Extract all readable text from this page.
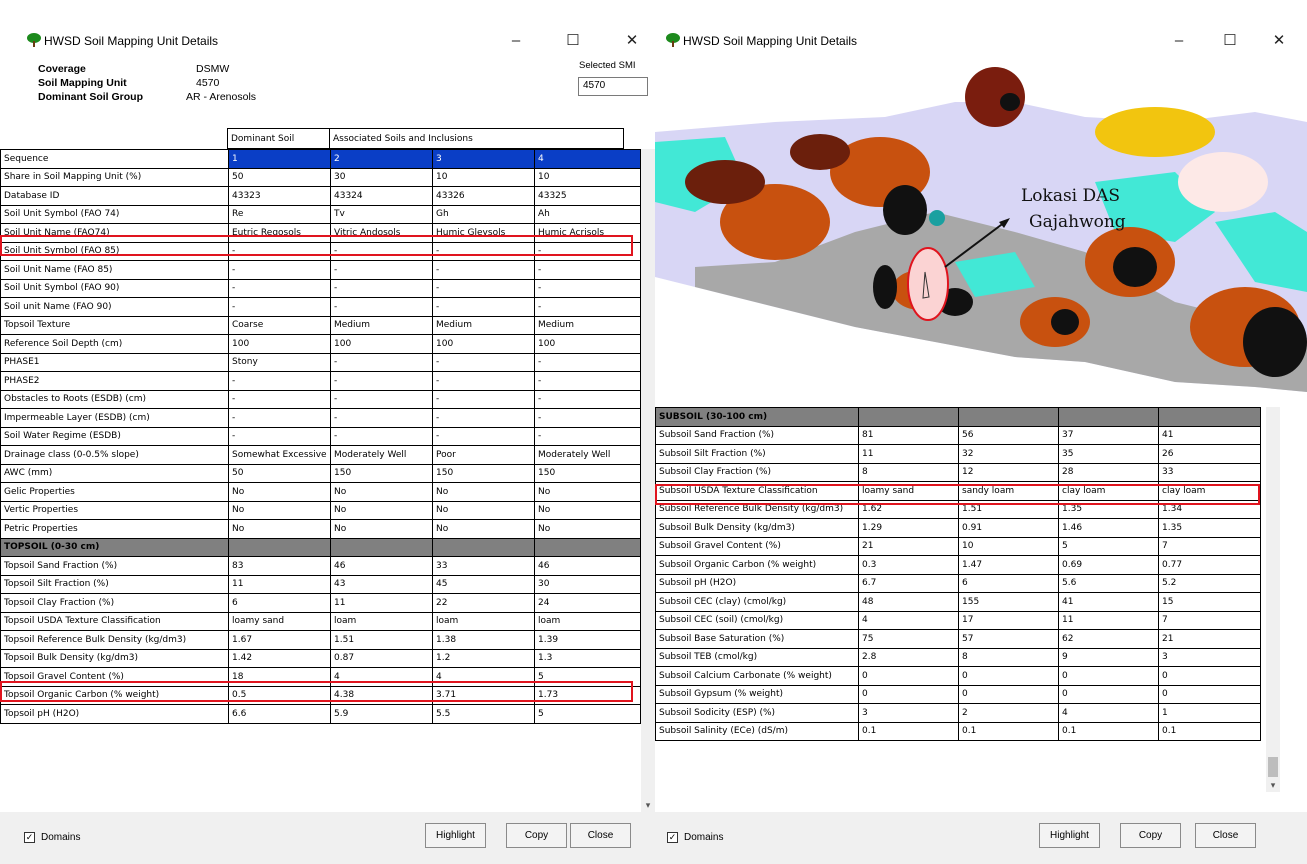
HWSD Soil Mapping Unit Details	–	☐	✕
Coverage	DSMW
Soil Mapping Unit	4570
Dominant Soil Group	AR - Arenosols
Selected SMI
4570
Dominant Soil	Associated Soils and Inclusions
Sequence	1	2	3	4
Share in Soil Mapping Unit (%)	50	30	10	10
Database ID	43323	43324	43326	43325
Soil Unit Symbol (FAO 74)	Re	Tv	Gh	Ah
Soil Unit Name (FAO74)	Eutric Regosols	Vitric Andosols	Humic Gleysols	Humic Acrisols
Soil Unit Symbol (FAO 85)	-	-	-	-
Soil Unit Name (FAO 85)	-	-	-	-
Soil Unit Symbol (FAO 90)	-	-	-	-
Soil unit Name (FAO 90)	-	-	-	-
Topsoil Texture	Coarse	Medium	Medium	Medium
Reference Soil Depth (cm)	100	100	100	100
PHASE1	Stony	-	-	-
PHASE2	-	-	-	-
Obstacles to Roots (ESDB) (cm)	-	-	-	-
Impermeable Layer (ESDB) (cm)	-	-	-	-
Soil Water Regime (ESDB)	-	-	-	-
Drainage class (0-0.5% slope)	Somewhat Excessive	Moderately Well	Poor	Moderately Well
AWC (mm)	50	150	150	150
Gelic Properties	No	No	No	No
Vertic Properties	No	No	No	No
Petric Properties	No	No	No	No
TOPSOIL (0-30 cm)				
Topsoil Sand Fraction (%)	83	46	33	46
Topsoil Silt Fraction (%)	11	43	45	30
Topsoil Clay Fraction (%)	6	11	22	24
Topsoil USDA Texture Classification	loamy sand	loam	loam	loam
Topsoil Reference Bulk Density (kg/dm3)	1.67	1.51	1.38	1.39
Topsoil Bulk Density (kg/dm3)	1.42	0.87	1.2	1.3
Topsoil Gravel Content (%)	18	4	4	5
Topsoil Organic Carbon (% weight)	0.5	4.38	3.71	1.73
Topsoil pH (H2O)	6.6	5.9	5.5	5
▾
✓ Domains	Highlight	Copy	Close
HWSD Soil Mapping Unit Details	–	☐	✕
Lokasi DAS
Gajahwong
SUBSOIL (30-100 cm)				
Subsoil Sand Fraction (%)	81	56	37	41
Subsoil Silt Fraction (%)	11	32	35	26
Subsoil Clay Fraction (%)	8	12	28	33
Subsoil USDA Texture Classification	loamy sand	sandy loam	clay loam	clay loam
Subsoil Reference Bulk Density (kg/dm3)	1.62	1.51	1.35	1.34
Subsoil Bulk Density (kg/dm3)	1.29	0.91	1.46	1.35
Subsoil Gravel Content (%)	21	10	5	7
Subsoil Organic Carbon (% weight)	0.3	1.47	0.69	0.77
Subsoil pH (H2O)	6.7	6	5.6	5.2
Subsoil CEC (clay) (cmol/kg)	48	155	41	15
Subsoil CEC (soil) (cmol/kg)	4	17	11	7
Subsoil Base Saturation (%)	75	57	62	21
Subsoil TEB (cmol/kg)	2.8	8	9	3
Subsoil Calcium Carbonate (% weight)	0	0	0	0
Subsoil Gypsum (% weight)	0	0	0	0
Subsoil Sodicity (ESP) (%)	3	2	4	1
Subsoil Salinity (ECe) (dS/m)	0.1	0.1	0.1	0.1
▾
✓ Domains	Highlight	Copy	Close
